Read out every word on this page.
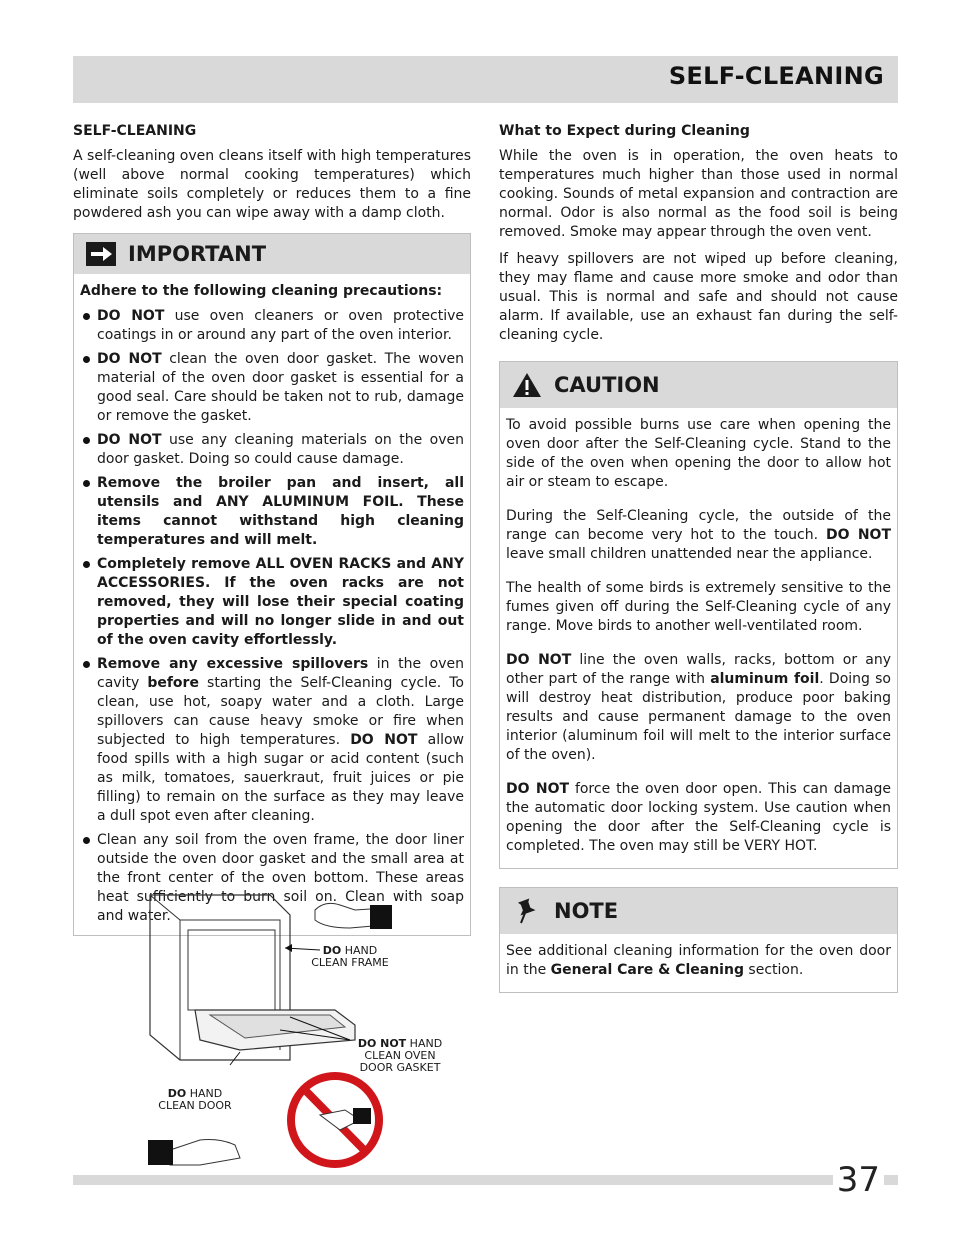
SELF-CLEANING
SELF-CLEANING

A self-cleaning oven cleans itself with high temperatures (well above normal cooking temperatures) which eliminate soils completely or reduces them to a fine powdered ash you can wipe away with a damp cloth.

IMPORTANT
Adhere to the following cleaning precautions:
DO NOT use oven cleaners or oven protective coatings in or around any part of the oven interior.
DO NOT clean the oven door gasket. The woven material of the oven door gasket is essential for a good seal. Care should be taken not to rub, damage or remove the gasket.
DO NOT use any cleaning materials on the oven door gasket. Doing so could cause damage.
Remove the broiler pan and insert, all utensils and ANY ALUMINUM FOIL. These items cannot withstand high cleaning temperatures and will melt.
Completely remove ALL OVEN RACKS and ANY ACCESSORIES. If the oven racks are not removed, they will lose their special coating properties and will no longer slide in and out of the oven cavity effortlessly.
Remove any excessive spillovers in the oven cavity before starting the Self-Cleaning cycle. To clean, use hot, soapy water and a cloth. Large spillovers can cause heavy smoke or fire when subjected to high temperatures. DO NOT allow food spills with a high sugar or acid content (such as milk, tomatoes, sauerkraut, fruit juices or pie filling) to remain on the surface as they may leave a dull spot even after cleaning.
Clean any soil from the oven frame, the door liner outside the oven door gasket and the small area at the front center of the oven bottom. These areas heat sufficiently to burn soil on. Clean with soap and water.
DO HAND
CLEAN FRAME
DO NOT HAND
CLEAN OVEN
DOOR GASKET
DO HAND
CLEAN DOOR
What to Expect during Cleaning

While the oven is in operation, the oven heats to temperatures much higher than those used in normal cooking. Sounds of metal expansion and contraction are normal. Odor is also normal as the food soil is being removed. Smoke may appear through the oven vent.

If heavy spillovers are not wiped up before cleaning, they may flame and cause more smoke and odor than usual. This is normal and safe and should not cause alarm. If available, use an exhaust fan during the self-cleaning cycle.

CAUTION

To avoid possible burns use care when opening the oven door after the Self-Cleaning cycle. Stand to the side of the oven when opening the door to allow hot air or steam to escape.

During the Self-Cleaning cycle, the outside of the range can become very hot to the touch. DO NOT leave small children unattended near the appliance.

The health of some birds is extremely sensitive to the fumes given off during the Self-Cleaning cycle of any range. Move birds to another well-ventilated room.

DO NOT line the oven walls, racks, bottom or any other part of the range with aluminum foil. Doing so will destroy heat distribution, produce poor baking results and cause permanent damage to the oven interior (aluminum foil will melt to the interior surface of the oven).

DO NOT force the oven door open. This can damage the automatic door locking system. Use caution when opening the door after the Self-Cleaning cycle is completed. The oven may still be VERY HOT.

NOTE

See additional cleaning information for the oven door in the General Care & Cleaning section.

37
